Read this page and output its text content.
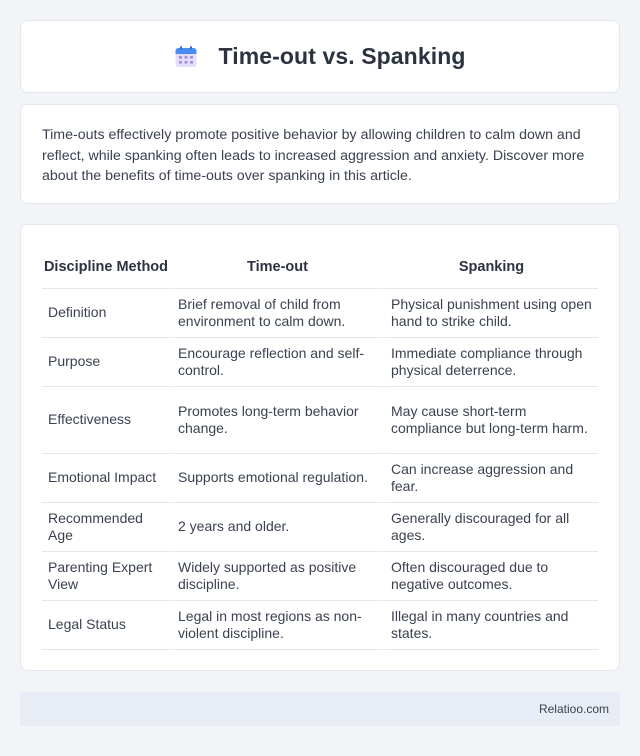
Time-out vs. Spanking

Time-outs effectively promote positive behavior by allowing children to calm down and reflect, while spanking often leads to increased aggression and anxiety. Discover more about the benefits of time-outs over spanking in this article.

Discipline Method	Time-out	Spanking
Definition	Brief removal of child from environment to calm down.	Physical punishment using open hand to strike child.
Purpose	Encourage reflection and self-control.	Immediate compliance through physical deterrence.
Effectiveness	Promotes long-term behavior change.	May cause short-term compliance but long-term harm.
Emotional Impact	Supports emotional regulation.	Can increase aggression and fear.
Recommended Age	2 years and older.	Generally discouraged for all ages.
Parenting Expert View	Widely supported as positive discipline.	Often discouraged due to negative outcomes.
Legal Status	Legal in most regions as non-violent discipline.	Illegal in many countries and states.
Relatioo.com
